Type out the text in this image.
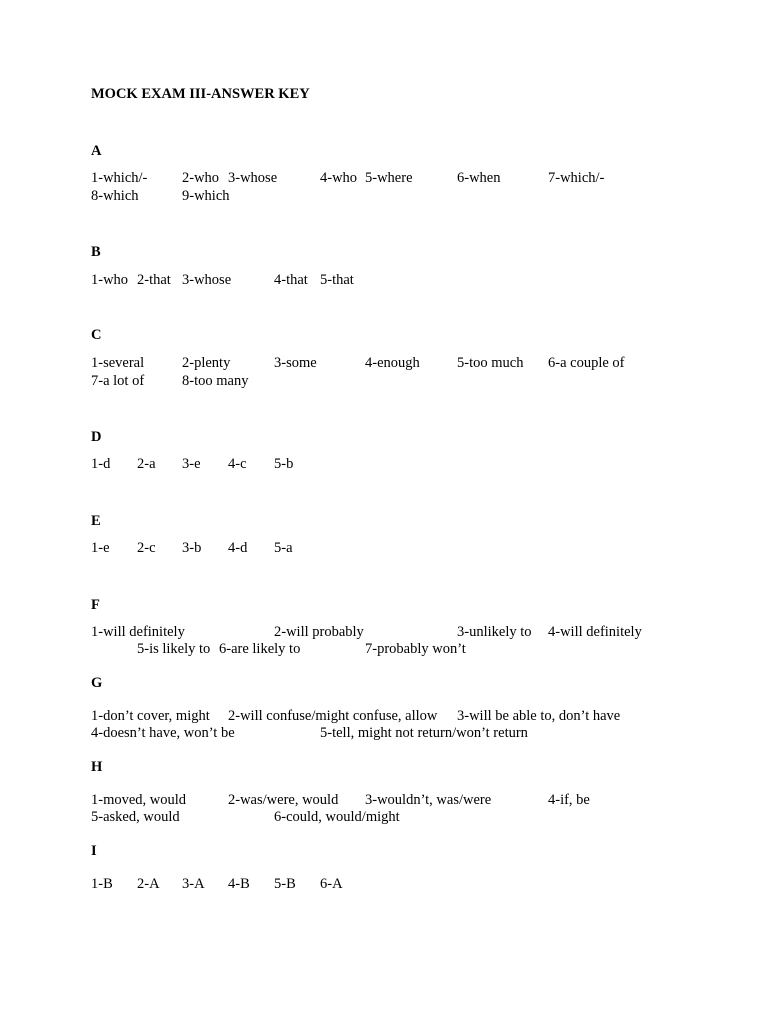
MOCK EXAM III-ANSWER KEY
A
1-which/- 2-who 3-whose	4-who 5-where	6-when	7-which/-
8-which	9-which
B
1-who 2-that 3-whose	4-that 5-that
C
1-several	2-plenty	3-some	4-enough	5-too much 6-a couple of
7-a lot of	8-too many
D
1-d 2-a 3-e 4-c 5-b
E
1-e 2-c 3-b 4-d 5-a
F
1-will definitely	2-will probably	3-unlikely to 4-will definitely
5-is likely to 6-are likely to	7-probably won’t
G
1-don’t cover, might 2-will confuse/might confuse, allow 3-will be able to, don’t have
4-doesn’t have, won’t be	5-tell, might not return/won’t return
H
1-moved, would	2-was/were, would 3-wouldn’t, was/were	4-if, be
5-asked, would	6-could, would/might
I
1-B 2-A 3-A 4-B 5-B 6-A
